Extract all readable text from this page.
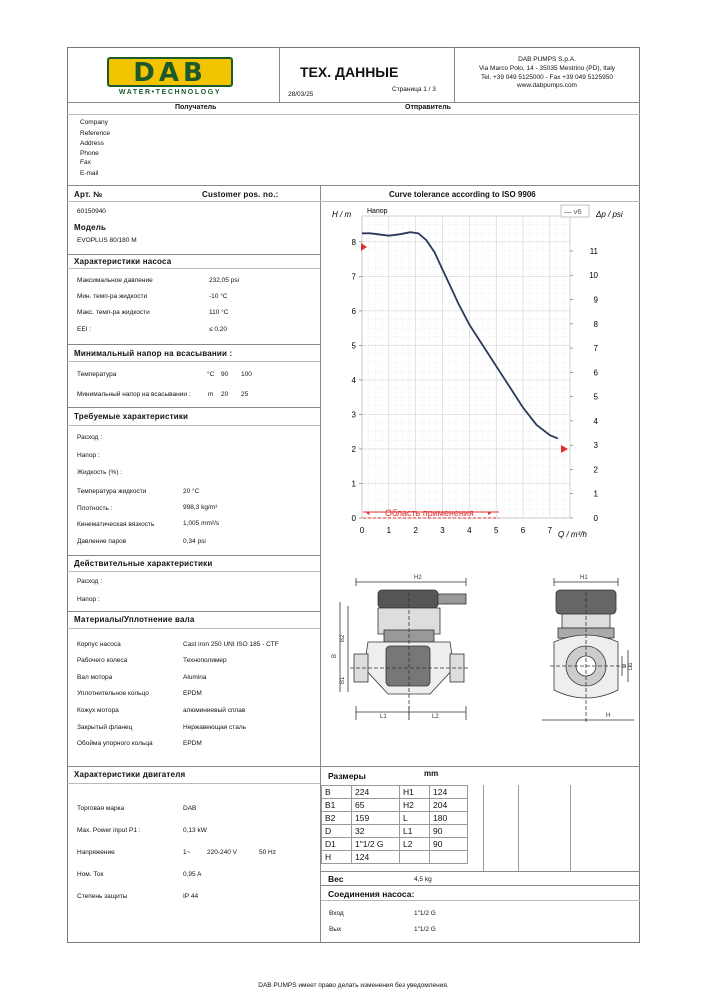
DAB
WATER•TECHNOLOGY
ТЕХ. ДАННЫЕ
28/03/25
Страница 1 / 3
DAB PUMPS S.p.A.
Via Marco Polo, 14 - 35035 Mestrino (PD), Italy
Tel. +39 049 5125000 - Fax +39 049 5125950
www.dabpumps.com
Получатель	Отправитель
Company
Reference
Address
Phone
Fax
E-mail
Арт. №	Customer pos. no.:
60150940
Модель
EVOPLUS 80/180 M
Характеристики насоса
Максимальное давление	232,05 psi
Мин. темп-ра жидкости	-10 °C
Макс. темп-ра жидкости	110 °C
EEI :	≤ 0,20
Минимальный напор на всасывании :
Температура	°C 90 100
Минимальный напор на всасывании :	m 20 25
Требуемые характеристики
Расход :
Напор :
Жидкость (%) :
Температура жидкости	20 °C
Плотность :	998,3 kg/m³
Кинематическая вязкость	1,005 mm²/s
Давление паров	0,34 psi
Действительные характеристики
Расход :
Напор :
Материалы/Уплотнение вала
Корпус насоса	Cast iron 250 UNI ISO 185 - CTF
Рабочего колеса	Технополимер
Вал мотора	Alumina
Уплотнительное кольцо	EPDM
Кожух мотора	алюминиевый сплав
Закрытый фланец	Нержавеющая сталь
Обойма упорного кольца	EPDM
Характеристики двигателя
Торговая марка	DAB
Max. Power input P1 :	0,13 kW
Напряжение	1~	220-240 V	50 Hz
Ном. Ток	0,95 A
Степень защиты	IP 44
Размеры	mm
B	224	H1	124
B1	65	H2	204
B2	159	L	180
D	32	L1	90
D1	1"1/2 G	L2	90
H	124		
Вес	4,5 kg
Соединения насоса:
Вход	1"1/2 G
Вых	1"1/2 G
Curve tolerance according to ISO 9906
0	1	2	3	4	5	6	7
0
1
2
3
4
5
6
7
8
0
1
2
3
4
5
6
7
8
9
10
11
◂	▸
Область применения
H / m Напор	— v6 Δp / psi
Q / m³/h
H2
B2
B
B1
L1	L2
H1
D1
D
H
DAB PUMPS имеет право делать изменения без уведомления.
